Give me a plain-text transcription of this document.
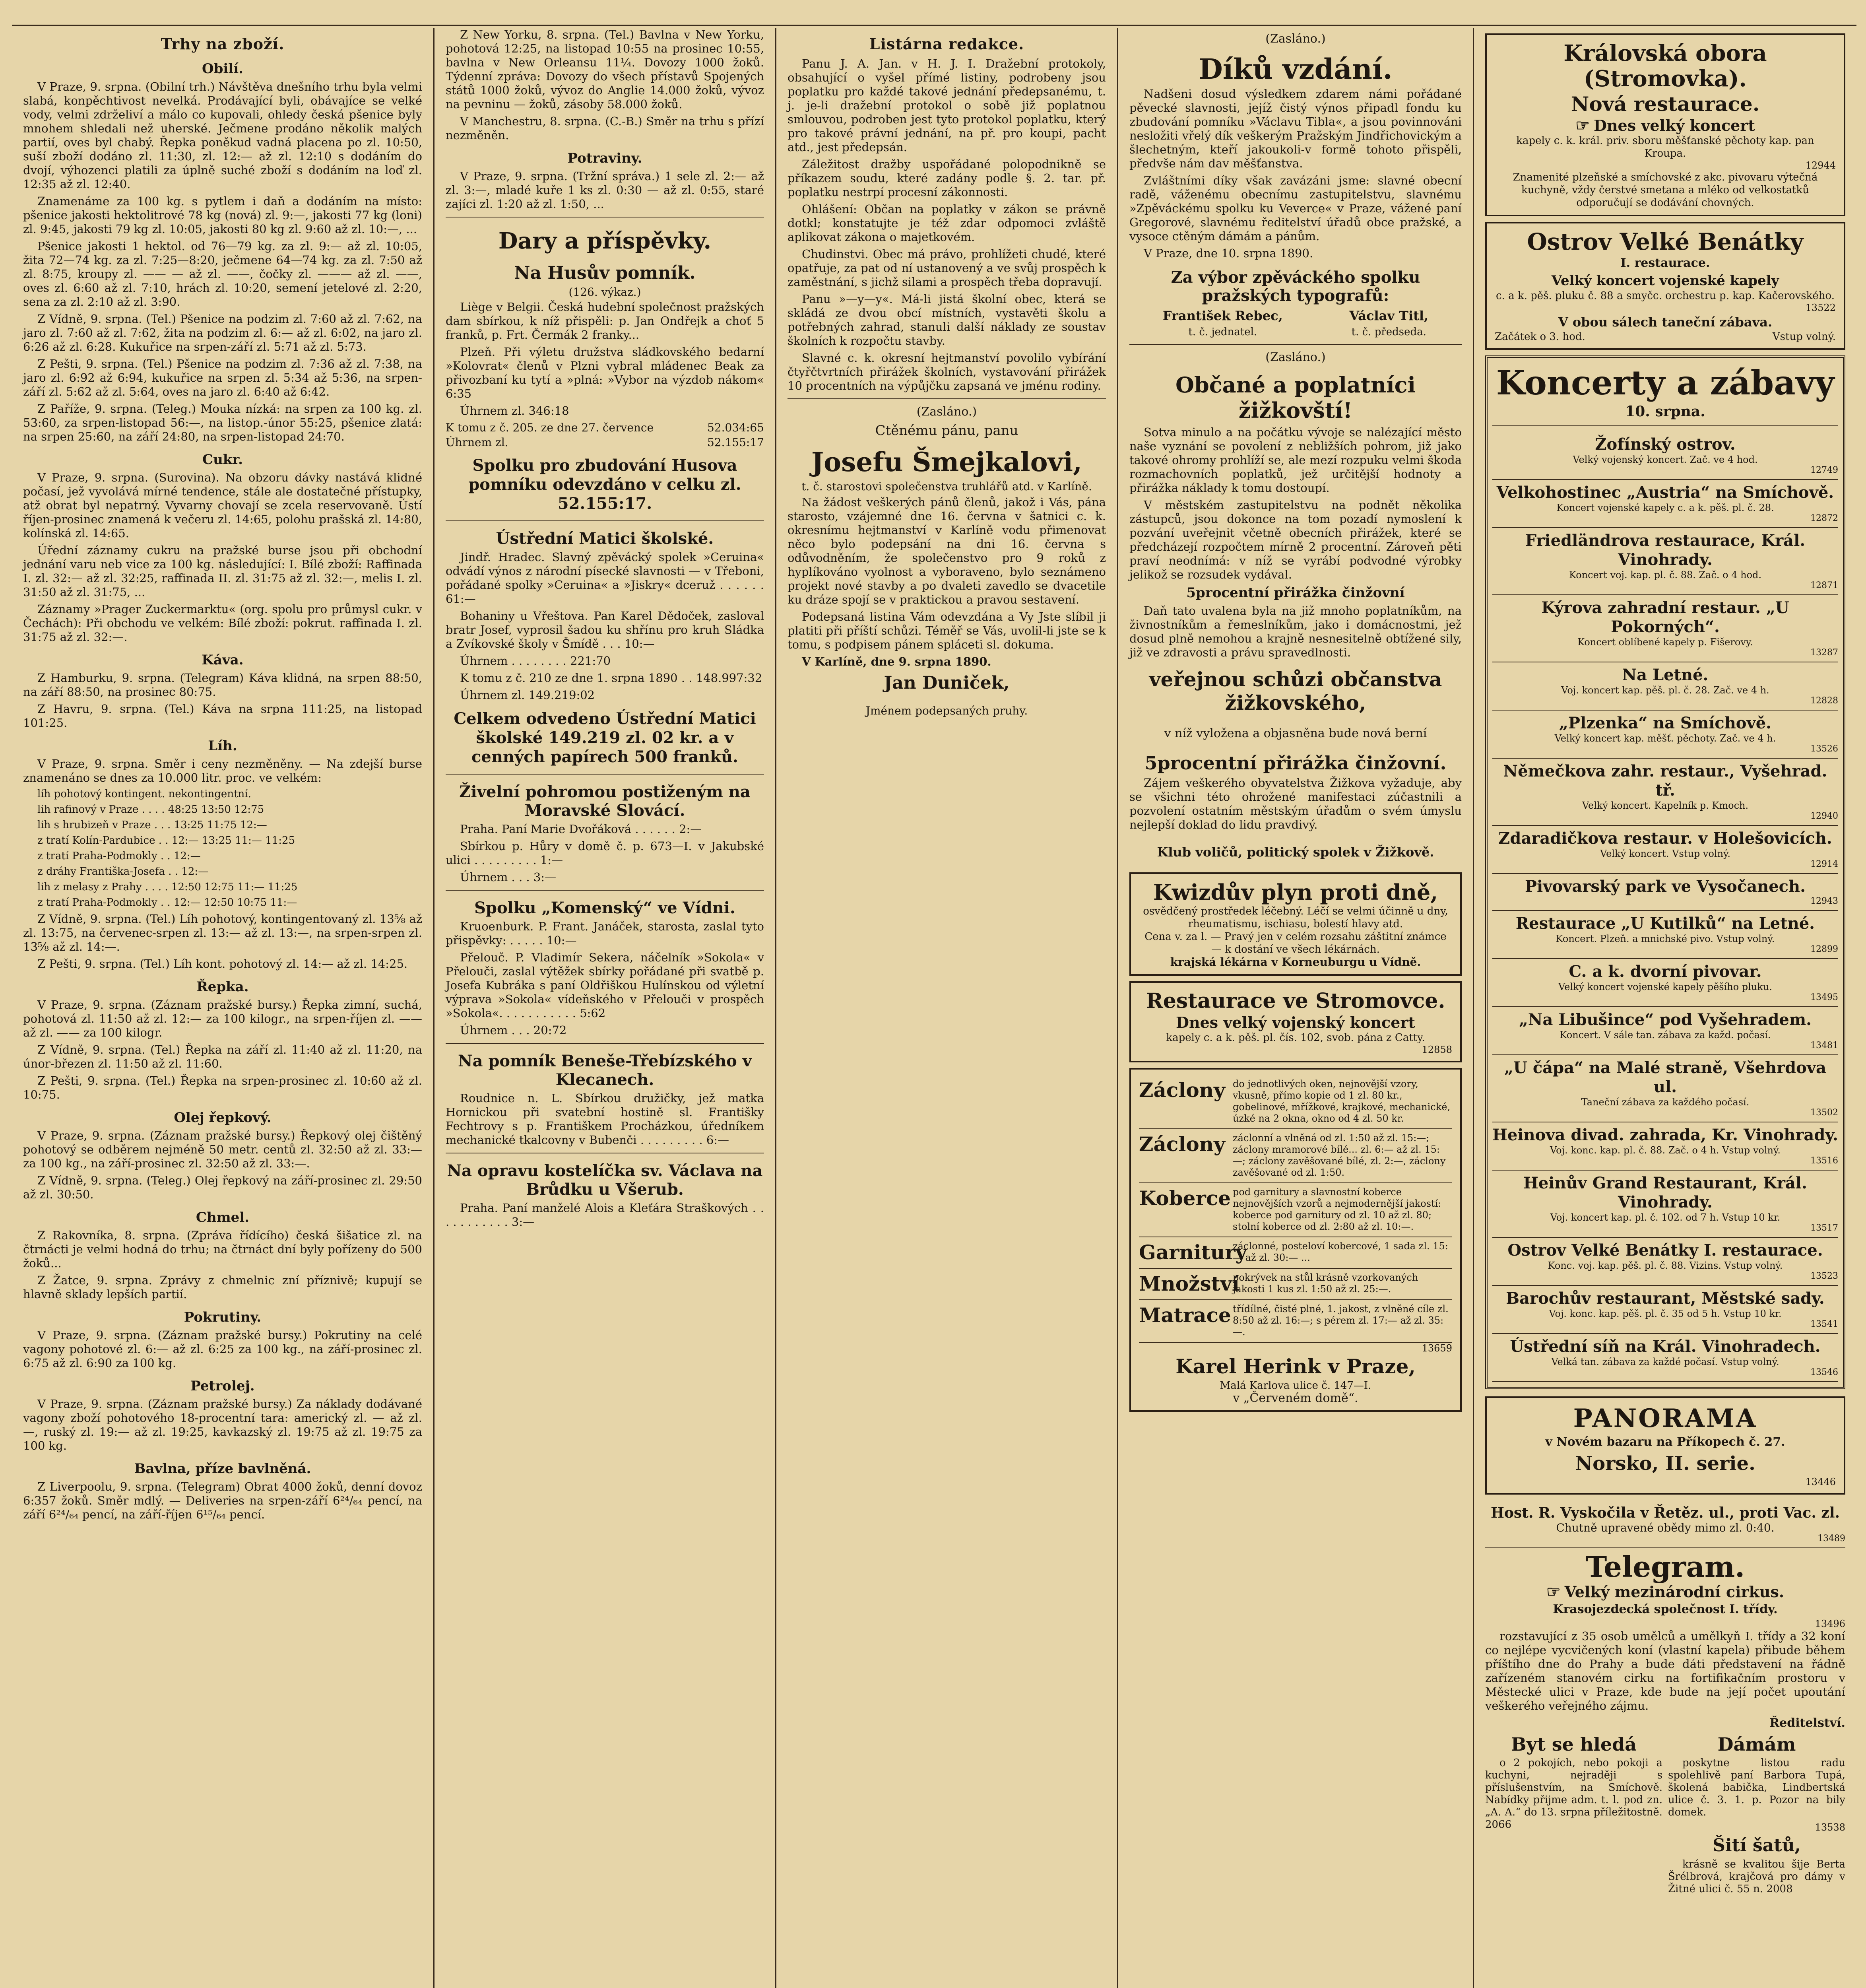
Trhy na zboží.
Obilí.

V Praze, 9. srpna. (Obilní trh.) Návštěva dnešního trhu byla velmi slabá, konpěchtivost nevelká. Prodávající byli, obávajíce se velké vody, velmi zdrželiví a málo co kupovali, ohledy česká pšenice byly mnohem shledali než uherské. Ječmene prodáno několik malých partií, oves byl chabý. Řepka poněkud vadná placena po zl. 10:50, suší zboží dodáno zl. 11:30, zl. 12:— až zl. 12:10 s dodáním do dvojí, výhozenci platili za úplně suché zboží s dodáním na loď zl. 12:35 až zl. 12:40.

Znamenáme za 100 kg. s pytlem i daň a dodáním na místo: pšenice jakosti hektolitrové 78 kg (nová) zl. 9:—, jakosti 77 kg (loni) zl. 9:45, jakosti 79 kg zl. 10:05, jakosti 80 kg zl. 9:60 až zl. 10:—, ...

Pšenice jakosti 1 hektol. od 76—79 kg. za zl. 9:— až zl. 10:05, žita 72—74 kg. za zl. 7:25—8:20, ječmene 64—74 kg. za zl. 7:50 až zl. 8:75, kroupy zl. —— — až zl. ——, čočky zl. ——— až zl. ——, oves zl. 6:60 až zl. 7:10, hrách zl. 10:20, semení jetelové zl. 2:20, sena za zl. 2:10 až zl. 3:90.

Z Vídně, 9. srpna. (Tel.) Pšenice na podzim zl. 7:60 až zl. 7:62, na jaro zl. 7:60 až zl. 7:62, žita na podzim zl. 6:— až zl. 6:02, na jaro zl. 6:26 až zl. 6:28. Kukuřice na srpen-září zl. 5:71 až zl. 5:73.

Z Pešti, 9. srpna. (Tel.) Pšenice na podzim zl. 7:36 až zl. 7:38, na jaro zl. 6:92 až 6:94, kukuřice na srpen zl. 5:34 až 5:36, na srpen-září zl. 5:62 až zl. 5:64, oves na jaro zl. 6:40 až 6:42.

Z Paříže, 9. srpna. (Teleg.) Mouka nízká: na srpen za 100 kg. zl. 53:60, za srpen-listopad 56:—, na listop.-únor 55:25, pšenice zlatá: na srpen 25:60, na září 24:80, na srpen-listopad 24:70.

Cukr.

V Praze, 9. srpna. (Surovina). Na obzoru dávky nastává klidné počasí, jež vyvolává mírné tendence, stále ale dostatečné přístupky, atž obrat byl nepatrný. Vyvarny chovají se zcela reservovaně. Ústí říjen-prosinec znamená k večeru zl. 14:65, polohu prašská zl. 14:80, kolínská zl. 14:65.

Úřední záznamy cukru na pražské burse jsou při obchodní jednání varu neb vice za 100 kg. následující: I. Bílé zboží: Raffinada I. zl. 32:— až zl. 32:25, raffinada II. zl. 31:75 až zl. 32:—, melis I. zl. 31:50 až zl. 31:75, ...

Záznamy »Prager Zuckermarktu« (org. spolu pro průmysl cukr. v Čechách): Při obchodu ve velkém: Bílé zboží: pokrut. raffinada I. zl. 31:75 až zl. 32:—.

Káva.

Z Hamburku, 9. srpna. (Telegram) Káva klidná, na srpen 88:50, na září 88:50, na prosinec 80:75.

Z Havru, 9. srpna. (Tel.) Káva na srpna 111:25, na listopad 101:25.

Líh.

V Praze, 9. srpna. Směr i ceny nezměněny. — Na zdejší burse znamenáno se dnes za 10.000 litr. proc. ve velkém:

líh pohotový kontingent. nekontingentní.

lih rafinový v Praze . . . . 48:25 13:50 12:75

lih s hrubizeň v Praze . . . 13:25 11:75 12:—

z tratí Kolín-Pardubice . . 12:— 13:25 11:— 11:25

z tratí Praha-Podmokly . . 12:—

z dráhy Františka-Josefa . . 12:—

lih z melasy z Prahy . . . . 12:50 12:75 11:— 11:25

z tratí Praha-Podmokly . . 12:— 12:50 10:75 11:—

Z Vídně, 9. srpna. (Tel.) Líh pohotový, kontingentovaný zl. 13⅝ až zl. 13:75, na červenec-srpen zl. 13:— až zl. 13:—, na srpen-srpen zl. 13⅝ až zl. 14:—.

Z Pešti, 9. srpna. (Tel.) Líh kont. pohotový zl. 14:— až zl. 14:25.

Řepka.

V Praze, 9. srpna. (Záznam pražské bursy.) Řepka zimní, suchá, pohotová zl. 11:50 až zl. 12:— za 100 kilogr., na srpen-říjen zl. —— až zl. —— za 100 kilogr.

Z Vídně, 9. srpna. (Tel.) Řepka na září zl. 11:40 až zl. 11:20, na únor-březen zl. 11:50 až zl. 11:60.

Z Pešti, 9. srpna. (Tel.) Řepka na srpen-prosinec zl. 10:60 až zl. 10:75.

Olej řepkový.

V Praze, 9. srpna. (Záznam pražské bursy.) Řepkový olej čištěný pohotový se odběrem nejméně 50 metr. centů zl. 32:50 až zl. 33:— za 100 kg., na září-prosinec zl. 32:50 až zl. 33:—.

Z Vídně, 9. srpna. (Teleg.) Olej řepkový na září-prosinec zl. 29:50 až zl. 30:50.

Chmel.

Z Rakovníka, 8. srpna. (Zpráva řídícího) česká šišatice zl. na čtrnácti je velmi hodná do trhu; na čtrnáct dní byly pořízeny do 500 žoků...

Z Žatce, 9. srpna. Zprávy z chmelnic zní příznivě; kupují se hlavně sklady lepších partií.

Pokrutiny.

V Praze, 9. srpna. (Záznam pražské bursy.) Pokrutiny na celé vagony pohotové zl. 6:— až zl. 6:25 za 100 kg., na září-prosinec zl. 6:75 až zl. 6:90 za 100 kg.

Petrolej.

V Praze, 9. srpna. (Záznam pražské bursy.) Za náklady dodávané vagony zboží pohotového 18-procentní tara: americký zl. — až zl. —, ruský zl. 19:— až zl. 19:25, kavkazský zl. 19:75 až zl. 19:75 za 100 kg.

Bavlna, příze bavlněná.

Z Liverpoolu, 9. srpna. (Telegram) Obrat 4000 žoků, denní dovoz 6:357 žoků. Směr mdlý. — Deliveries na srpen-září 6²⁴/₆₄ pencí, na září 6²⁴/₆₄ pencí, na září-říjen 6¹⁵/₆₄ pencí.

Z New Yorku, 8. srpna. (Tel.) Bavlna v New Yorku, pohotová 12:25, na listopad 10:55 na prosinec 10:55, bavlna v New Orleansu 11¼. Dovozy 1000 žoků. Týdenní zpráva: Dovozy do všech přístavů Spojených států 1000 žoků, vývoz do Anglie 14.000 žoků, vývoz na pevninu — žoků, zásoby 58.000 žoků.

V Manchestru, 8. srpna. (C.-B.) Směr na trhu s přízí nezměněn.

Potraviny.

V Praze, 9. srpna. (Tržní správa.) 1 sele zl. 2:— až zl. 3:—, mladé kuře 1 ks zl. 0:30 — až zl. 0:55, staré zajíci zl. 1:20 až zl. 1:50, ...

Dary a příspěvky.
Na Husův pomník.

(126. výkaz.)

Liège v Belgii. Česká hudební společnost pražských dam sbírkou, k níž přispěli: p. Jan Ondřejk a choť 5 franků, p. Frt. Čermák 2 franky...

Plzeň. Při výletu družstva sládkovského bedarní »Kolovrat« členů v Plzni vybral mládenec Beak za přivozbaní ku tytí a »plná: »Vybor na výzdob nákom« 6:35

Úhrnem zl. 346:18

K tomu z č. 205. ze dne 27. července	52.034:65
Úhrnem zl.	52.155:17
Spolku pro zbudování Husova pomníku odevzdáno v celku zl. 52.155:17.
Ústřední Matici školské.

Jindř. Hradec. Slavný zpěvácký spolek »Ceruina« odvádí výnos z národní písecké slavnosti — v Třeboni, pořádané spolky »Ceruina« a »Jiskry« dceruž . . . . . . 61:—

Bohaniny u Vřeštova. Pan Karel Dědoček, zasloval bratr Josef, vyprosil šadou ku shřínu pro kruh Sládka a Zvíkovské školy v Šmídě . . . 10:—

Úhrnem . . . . . . . . 221:70

K tomu z č. 210 ze dne 1. srpna 1890 . . 148.997:32

Úhrnem zl. 149.219:02

Celkem odvedeno Ústřední Matici školské 149.219 zl. 02 kr. a v cenných papírech 500 franků.
Živelní pohromou postiženým na Moravské Slovácí.

Praha. Paní Marie Dvořáková . . . . . . 2:—

Sbírkou p. Hůry v domě č. p. 673—I. v Jakubské ulici . . . . . . . . . 1:—

Úhrnem . . . 3:—

Spolku „Komenský“ ve Vídni.

Kruoenburk. P. Frant. Janáček, starosta, zaslal tyto přispěvky: . . . . . 10:—

Přelouč. P. Vladimír Sekera, náčelník »Sokola« v Přelouči, zaslal výtěžek sbírky pořádané při svatbě p. Josefa Kubráka s paní Oldřiškou Hulínskou od výletní výprava »Sokola« vídeňského v Přelouči v prospěch »Sokola«. . . . . . . . . . . 5:62

Úhrnem . . . 20:72

Na pomník Beneše-Třebízského v Klecanech.

Roudnice n. L. Sbírkou družičky, jež matka Hornickou při svatební hostině sl. Františky Fechtrovy s p. Františkem Procházkou, úředníkem mechanické tkalcovny v Bubenči . . . . . . . . . 6:—

Na opravu kostelíčka sv. Václava na Brůdku u Všerub.

Praha. Paní manželé Alois a Kleťára Straškových . . . . . . . . . . . 3:—

Listárna redakce.

Panu J. A. Jan. v H. J. I. Dražební protokoly, obsahující o vyšel přímé listiny, podrobeny jsou poplatku pro každé takové jednání předepsanému, t. j. je-li dražební protokol o sobě již poplatnou smlouvou, podroben jest tyto protokol poplatku, který pro takové právní jednání, na př. pro koupi, pacht atd., jest předepsán.

Záležitost dražby uspořádané polopodnikně se příkazem soudu, které zadány podle §. 2. tar. př. poplatku nestrpí procesní zákonnosti.

Ohlášení: Občan na poplatky v zákon se právně dotkl; konstatujte je též zdar odpomoci zvláště aplikovat zákona o majetkovém.

Chudinstvi. Obec má právo, prohlížeti chudé, které opatřuje, za pat od ní ustanovený a ve svůj prospěch k zaměstnání, s jichž silami a prospěch třeba dopravují.

Panu »—y—y«. Má-li jistá školní obec, která se skládá ze dvou obcí místních, vystavěti školu a potřebných zahrad, stanuli další náklady ze soustav školních k rozpočtu stavby.

Slavné c. k. okresní hejtmanství povolilo vybírání čtyřčtvrtních přirážek školních, vystavování přirážek 10 procentních na výpůjčku zapsaná ve jménu rodiny.

(Zasláno.)

Ctěnému pánu, panu

Josefu Šmejkalovi,

t. č. starostovi společenstva truhlářů atd. v Karlíně.

Na žádost veškerých pánů členů, jakož i Vás, pána starosto, vzájemné dne 16. června v šatnici c. k. okresnímu hejtmanství v Karlíně vodu přimenovat něco bylo podepsání na dni 16. června s odůvodněním, že společenstvo pro 9 roků z hyplíkováno vyolnost a vyboraveno, bylo seznámeno projekt nové stavby a po dvaleti zavedlo se dvacetile ku dráze spojí se v praktickou a pravou sestavení.

Podepsaná listina Vám odevzdána a Vy Jste slíbil ji platiti při příští schůzi. Téměř se Vás, uvolil-li jste se k tomu, s podpisem pánem spláceti sl. dokuma.

V Karlíně, dne 9. srpna 1890.

Jan Duniček,

Jménem podepsaných pruhy.

(Zasláno.)

Díků vzdání.

Nadšeni dosud výsledkem zdarem námi pořádané pěvecké slavnosti, jejíž čistý výnos připadl fondu ku zbudování pomníku »Václavu Tibla«, a jsou povinnováni nesložiti vřelý dík veškerým Pražským Jindřichovickým a šlechetným, kteří jakoukoli-v formě tohoto přispěli, předvše nám dav měšťanstva.

Zvláštními díky však zavázáni jsme: slavné obecní radě, váženému obecnímu zastupitelstvu, slavnému »Zpěváckému spolku ku Veverce« v Praze, vážené paní Gregorové, slavnému ředitelství úřadů obce pražské, a vysoce ctěným dámám a pánům.

V Praze, dne 10. srpna 1890.

Za výbor zpěváckého spolku pražských typografů:
František Rebec,
t. č. jednatel.
Václav Titl,
t. č. předseda.

(Zasláno.)

Občané a poplatníci žižkovští!

Sotva minulo a na počátku vývoje se nalézající město naše vyznání se povolení z nebližších pohrom, již jako takové ohromy prohlíží se, ale mezí rozpuku velmi škoda rozmachovních poplatků, jež určitější hodnoty a přirážka náklady k tomu dostoupí.

V městském zastupitelstvu na podnět několika zástupců, jsou dokonce na tom pozadí nymoslení k pozvání uveřejnit včetně obecních přirážek, které se předcházejí rozpočtem mírně 2 procentní. Zároveň pěti praví neodnímá: v níž se vyrábí podvodné výrobky jelikož se rozsudek vydával.

5procentní přirážka činžovní

Daň tato uvalena byla na již mnoho poplatníkům, na živnostníkům a řemeslníkům, jako i domácnostmi, jež dosud plně nemohou a krajně nesnesitelně obtížené sily, již ve zdravosti a právu spravedlnosti.

veřejnou schůzi občanstva žižkovského,

v níž vyložena a objasněna bude nová berní

5procentní přirážka činžovní.

Zájem veškerého obyvatelstva Žižkova vyžaduje, aby se všichni této ohrožené manifestaci zúčastnili a pozvolení ostatním městským úřadům o svém úmyslu nejlepší doklad do lidu pravdivý.

Klub voličů, politický spolek v Žižkově.

Kwizdův plyn proti dně,
osvědčený prostředek léčebný. Léčí se velmi účinně u dny, rheumatismu, ischiasu, bolestí hlavy atd.
Cena v. za l. — Pravý jen v celém rozsahu záštitní známce — k dostání ve všech lékárnách.
krajská lékárna v Korneuburgu u Vídně.
Restaurace ve Stromovce.
Dnes velký vojenský koncert
kapely c. a k. pěš. pl. čís. 102, svob. pána z Catty.
12858
Záclony do jednotlivých oken, nejnovější vzory, vkusně, přímo kopie od 1 zl. 80 kr., gobelinové, mřížkové, krajkové, mechanické, úzké na 2 okna, okno od 4 zl. 50 kr.
Záclony záclonní a vlněná od zl. 1:50 až zl. 15:—; záclony mramorové bílé... zl. 6:— až zl. 15:—; záclony zavěšované bílé, zl. 2:—, záclony zavěšované od zl. 1:50.
Koberce pod garnitury a slavnostní koberce nejnovějších vzorů a nejmodernější jakostí: koberce pod garnitury od zl. 10 až zl. 80; stolní koberce od zl. 2:80 až zl. 10:—.
Garnitury
záclonné, posteloví kobercové, 1 sada zl. 15:— až zl. 30:— ...
Množství
pokrývek na stůl krásně vzorkovaných jakosti 1 kus zl. 1:50 až zl. 25:—.
Matrace třídílné, čisté plné, 1. jakost, z vlněné cíle zl. 8:50 až zl. 16:—; s pérem zl. 17:— až zl. 35:—.
13659
Karel Herink v Praze,
Malá Karlova ulice č. 147—I.
v „Červeném domě“.
Královská obora (Stromovka).
Nová restaurace.
☞ Dnes velký koncert
kapely c. k. král. priv. sboru měšťanské pěchoty kap. pan Kroupa.
12944
Znamenité plzeňské a smíchovské z akc. pivovaru výtečná kuchyně, vždy čerstvé smetana a mléko od velkostatků odporučují se dodávání chovných.
Ostrov Velké Benátky
I. restaurace.
Velký koncert vojenské kapely
c. a k. pěš. pluku č. 88 a smyčc. orchestru p. kap. Kačerovského.
13522
V obou sálech taneční zábava.
Začátek o 3. hod.	Vstup volný.
Koncerty a zábavy
10. srpna.
Žofínský ostrov.
Velký vojenský koncert. Zač. ve 4 hod.
12749
Velkohostinec „Austria“ na Smíchově.
Koncert vojenské kapely c. a k. pěš. pl. č. 28.
12872
Friedländrova restaurace, Král. Vinohrady.
Koncert voj. kap. pl. č. 88. Zač. o 4 hod.
12871
Kýrova zahradní restaur. „U Pokorných“.
Koncert oblíbené kapely p. Fišerovy.
13287
Na Letné.
Voj. koncert kap. pěš. pl. č. 28. Zač. ve 4 h.
12828
„Plzenka“ na Smíchově.
Velký koncert kap. měšť. pěchoty. Zač. ve 4 h.
13526
Němečkova zahr. restaur., Vyšehrad. tř.
Velký koncert. Kapelník p. Kmoch.
12940
Zdaradičkova restaur. v Holešovicích.
Velký koncert. Vstup volný.
12914
Pivovarský park ve Vysočanech.
12943
Restaurace „U Kutilků“ na Letné.
Koncert. Plzeň. a mnichské pivo. Vstup volný.
12899
C. a k. dvorní pivovar.
Velký koncert vojenské kapely pěšího pluku.
13495
„Na Libušince“ pod Vyšehradem.
Koncert. V sále tan. zábava za každ. počasí.
13481
„U čápa“ na Malé straně, Všehrdova ul.
Taneční zábava za každého počasí.
13502
Heinova divad. zahrada, Kr. Vinohrady.
Voj. konc. kap. pl. č. 88. Zač. o 4 h. Vstup volný.
13516
Heinův Grand Restaurant, Král. Vinohrady.
Voj. koncert kap. pl. č. 102. od 7 h. Vstup 10 kr.
13517
Ostrov Velké Benátky I. restaurace.
Konc. voj. kap. pěš. pl. č. 88. Vizins. Vstup volný.
13523
Barochův restaurant, Městské sady.
Voj. konc. kap. pěš. pl. č. 35 od 5 h. Vstup 10 kr.
13541
Ústřední síň na Král. Vinohradech.
Velká tan. zábava za každé počasí. Vstup volný.
13546
PANORAMA
v Novém bazaru na Příkopech č. 27.
Norsko, II. serie.
13446
Host. R. Vyskočila v Řetěz. ul., proti Vac. zl.
Chutně upravené obědy mimo zl. 0:40.
13489
Telegram.
☞ Velký mezinárodní cirkus.
Krasojezdecká společnost I. třídy.
13496

rozstavující z 35 osob umělců a umělkyň I. třídy a 32 koní co nejlépe vycvičených koní (vlastní kapela) přibude během příštího dne do Prahy a bude dáti představení na řádně zařízeném stanovém cirku na fortifikačním prostoru v Městecké ulici v Praze, kde bude na její počet upoutání veškerého veřejného zájmu.

Ředitelství.

Byt se hledá

o 2 pokojích, nebo pokoji a kuchyni, nejraději s příslušenstvím, na Smíchově. Nabídky přijme adm. t. l. pod zn. „A. A.“ do 13. srpna příležitostně. 2066

Dámám

poskytne listou radu spolehlivě paní Barbora Tupá, školená babička, Lindbertská ulice č. 3. 1. p. Pozor na bily domek.

13538
Šití šatů,

krásně se kvalitou šije Berta Šrélbrová, krajčová pro dámy v Žitné ulici č. 55 n. 2008
